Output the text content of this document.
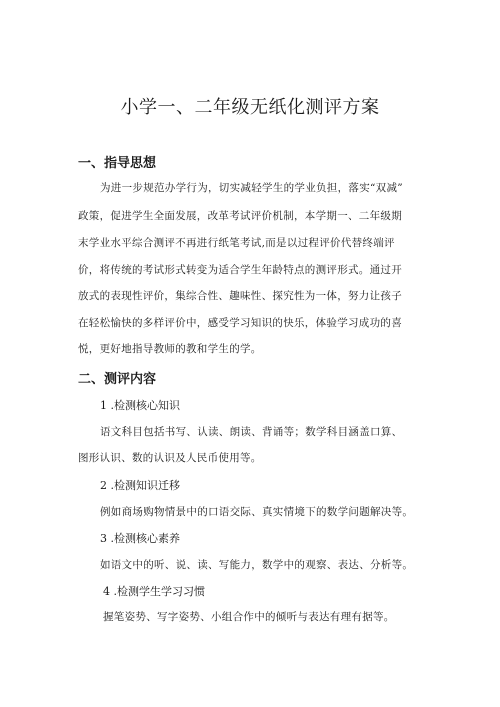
小学一、二年级无纸化测评方案
一、指导思想

为进一步规范办学行为，切实减轻学生的学业负担，落实“双减”

政策，促进学生全面发展，改革考试评价机制，本学期一、二年级期

末学业水平综合测评不再进行纸笔考试,而是以过程评价代替终端评

价，将传统的考试形式转变为适合学生年龄特点的测评形式。通过开

放式的表现性评价，集综合性、趣味性、探究性为一体，努力让孩子

在轻松愉快的多样评价中，感受学习知识的快乐，体验学习成功的喜

悦，更好地指导教师的教和学生的学。

二、测评内容

1 .检测核心知识

语文科目包括书写、认读、朗读、背诵等；数学科目涵盖口算、

图形认识、数的认识及人民币使用等。

2 .检测知识迁移

例如商场购物情景中的口语交际、真实情境下的数学问题解决等。

3 .检测核心素养

如语文中的听、说、读、写能力，数学中的观察、表达、分析等。

4 .检测学生学习习惯

握笔姿势、写字姿势、小组合作中的倾听与表达有理有据等。
